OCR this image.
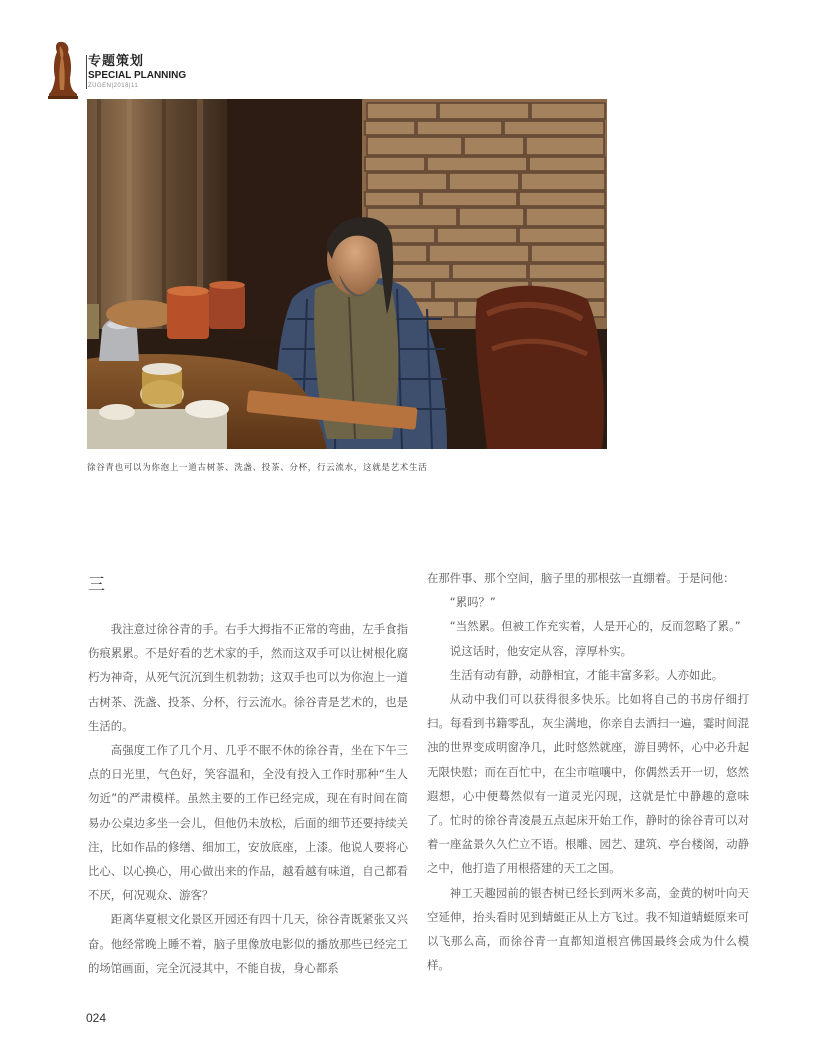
专题策划
SPECIAL PLANNING
ZUGEN|2018|11
徐谷青也可以为你泡上一道古树茶、洗盏、投茶、分杯，行云流水，这就是艺术生活
三

我注意过徐谷青的手。右手大拇指不正常的弯曲，左手食指伤痕累累。不是好看的艺术家的手，然而这双手可以让树根化腐朽为神奇，从死气沉沉到生机勃勃；这双手也可以为你泡上一道古树茶、洗盏、投茶、分杯，行云流水。徐谷青是艺术的，也是生活的。

高强度工作了几个月、几乎不眠不休的徐谷青，坐在下午三点的日光里，气色好，笑容温和，全没有投入工作时那种“生人勿近”的严肃模样。虽然主要的工作已经完成，现在有时间在简易办公桌边多坐一会儿，但他仍未放松，后面的细节还要持续关注，比如作品的修缮、细加工，安放底座，上漆。他说人要将心比心、以心换心，用心做出来的作品，越看越有味道，自己都看不厌，何况观众、游客？

距离华夏根文化景区开园还有四十几天，徐谷青既紧张又兴奋。他经常晚上睡不着，脑子里像放电影似的播放那些已经完工的场馆画面，完全沉浸其中，不能自拔，身心都系

在那件事、那个空间，脑子里的那根弦一直绷着。于是问他：

“累吗？”

“当然累。但被工作充实着，人是开心的，反而忽略了累。”

说这话时，他安定从容，淳厚朴实。

生活有动有静，动静相宜，才能丰富多彩。人亦如此。

从动中我们可以获得很多快乐。比如将自己的书房仔细打扫。每看到书籍零乱，灰尘满地，你亲自去洒扫一遍，霎时间混浊的世界变成明窗净几，此时悠然就座，游目骋怀，心中必升起无限快慰；而在百忙中，在尘市喧嚷中，你偶然丢开一切，悠然遐想，心中便蓦然似有一道灵光闪现，这就是忙中静趣的意味了。忙时的徐谷青凌晨五点起床开始工作，静时的徐谷青可以对着一座盆景久久伫立不语。根雕、园艺、建筑、亭台楼阁，动静之中，他打造了用根搭建的天工之国。

神工天趣园前的银杏树已经长到两米多高，金黄的树叶向天空延伸，抬头看时见到蜻蜓正从上方飞过。我不知道蜻蜓原来可以飞那么高，而徐谷青一直都知道根宫佛国最终会成为什么模样。

024
